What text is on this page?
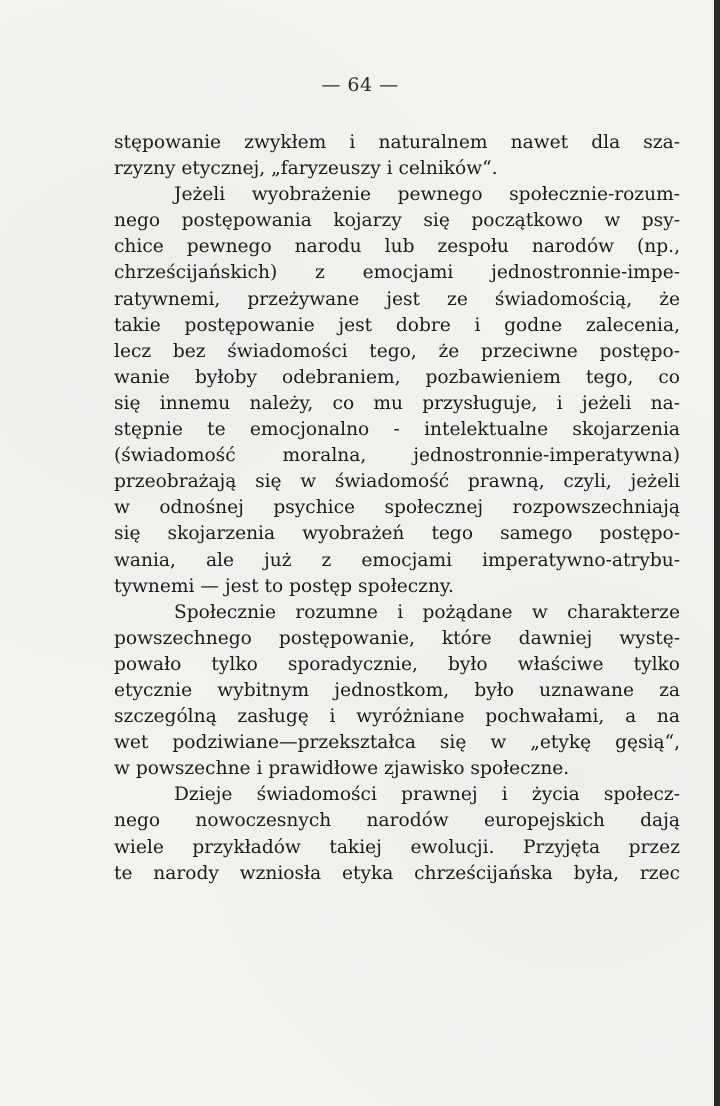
— 64 —
stępowanie zwykłem i naturalnem nawet dla sza-
rzyzny etycznej, „faryzeuszy i celników“.
Jeżeli wyobrażenie pewnego społecznie-rozum-
nego postępowania kojarzy się początkowo w psy-
chice pewnego narodu lub zespołu narodów (np.,
chrześcijańskich) z emocjami jednostronnie-impe-
ratywnemi, przeżywane jest ze świadomością, że
takie postępowanie jest dobre i godne zalecenia,
lecz bez świadomości tego, że przeciwne postępo-
wanie byłoby odebraniem, pozbawieniem tego, co
się innemu należy, co mu przysługuje, i jeżeli na-
stępnie te emocjonalno - intelektualne skojarzenia
(świadomość moralna, jednostronnie-imperatywna)
przeobrażają się w świadomość prawną, czyli, jeżeli
w odnośnej psychice społecznej rozpowszechniają
się skojarzenia wyobrażeń tego samego postępo-
wania, ale już z emocjami imperatywno-atrybu-
tywnemi — jest to postęp społeczny.
Społecznie rozumne i pożądane w charakterze
powszechnego postępowanie, które dawniej wystę-
powało tylko sporadycznie, było właściwe tylko
etycznie wybitnym jednostkom, było uznawane za
szczególną zasługę i wyróżniane pochwałami, a na
wet podziwiane—przekształca się w „etykę gęsią“,
w powszechne i prawidłowe zjawisko społeczne.
Dzieje świadomości prawnej i życia społecz-
nego nowoczesnych narodów europejskich dają
wiele przykładów takiej ewolucji. Przyjęta przez
te narody wzniosła etyka chrześcijańska była, rzec
